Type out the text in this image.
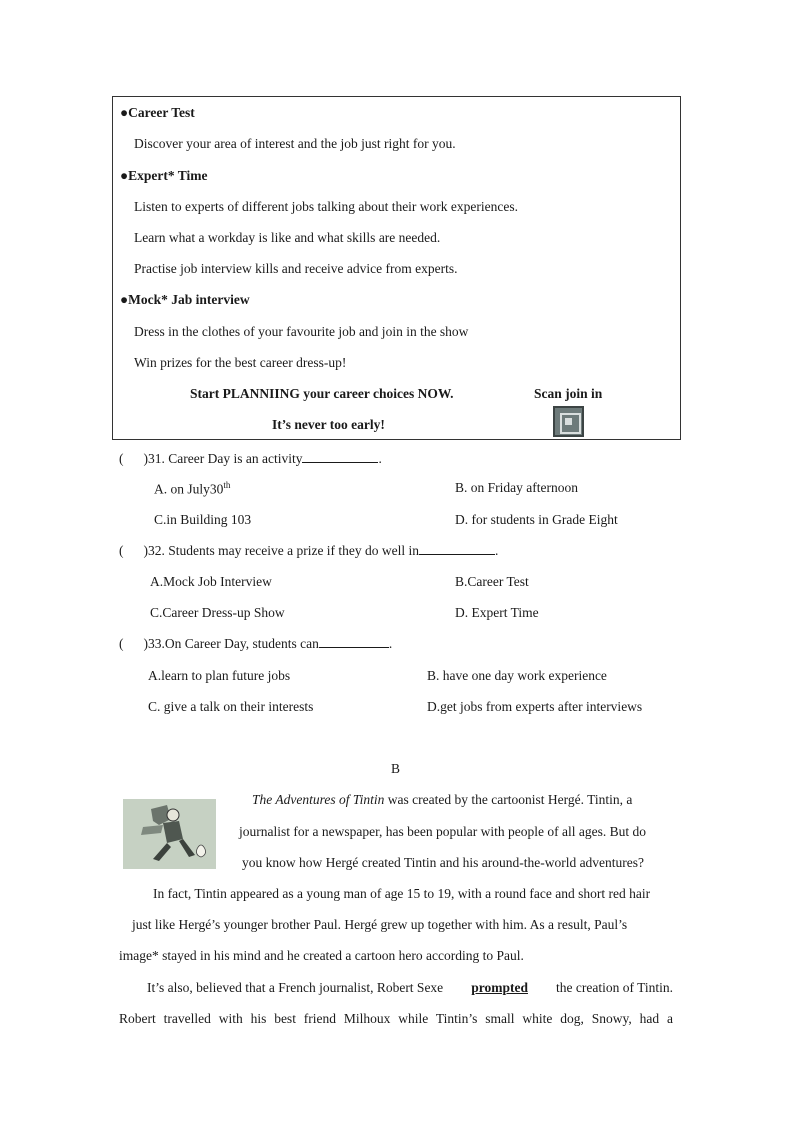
●Career Test
Discover your area of interest and the job just right for you.
●Expert* Time
Listen to experts of different jobs talking about their work experiences.
Learn what a workday is like and what skills are needed.
Practise job interview kills and receive advice from experts.
●Mock* Jab interview
Dress in the clothes of your favourite job and join in the show
Win prizes for the best career dress-up!
Start PLANNIING your career choices NOW.	Scan join in
It’s never too early!
( )31. Career Day is an activity	.
A. on July30th	B. on Friday afternoon
C.in Building 103	D. for students in Grade Eight
( )32. Students may receive a prize if they do well in	.
A.Mock Job Interview	B.Career Test
C.Career Dress-up Show	D. Expert Time
( )33.On Career Day, students can	.
A.learn to plan future jobs	B. have one day work experience
C. give a talk on their interests	D.get jobs from experts after interviews
B
The Adventures of Tintin was created by the cartoonist Hergé. Tintin, a
journalist for a newspaper, has been popular with people of all ages. But do
you know how Hergé created Tintin and his around-the-world adventures?
In fact, Tintin appeared as a young man of age 15 to 19, with a round face and short red hair
just like Hergé’s younger brother Paul. Hergé grew up together with him. As a result, Paul’s
image* stayed in his mind and he created a cartoon hero according to Paul.
It’s also, believed that a French journalist, Robert Sexe prompted the creation of Tintin.
Robert travelled with his best friend Milhoux while Tintin’s small white dog, Snowy, had a
